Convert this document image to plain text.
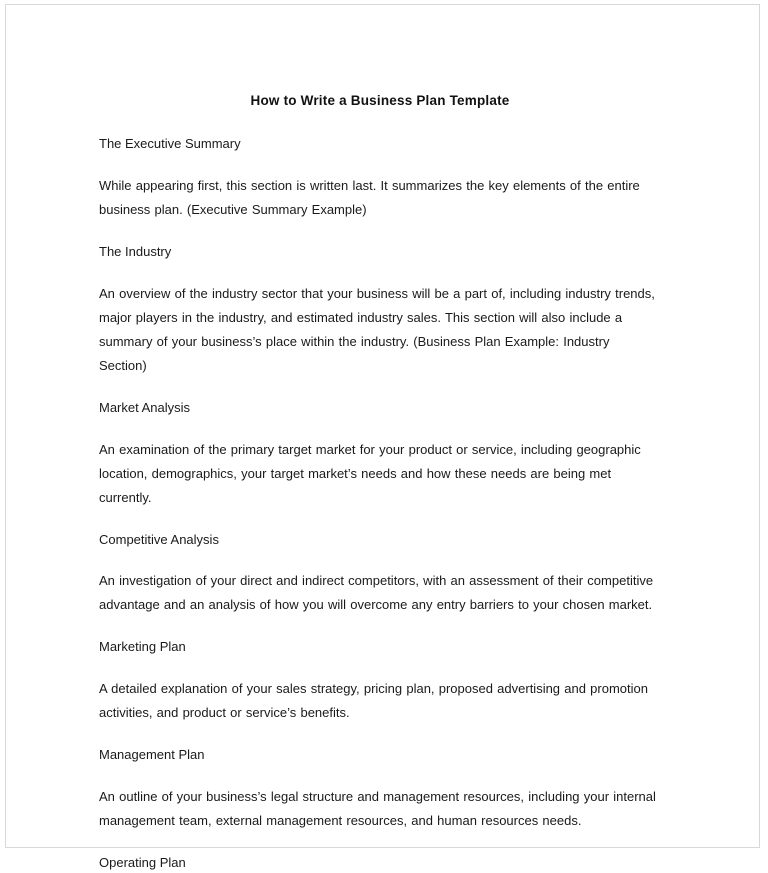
How to Write a Business Plan Template
The Executive Summary

While appearing first, this section is written last. It summarizes the key elements of the entire business plan. (Executive Summary Example)

The Industry

An overview of the industry sector that your business will be a part of, including industry trends, major players in the industry, and estimated industry sales. This section will also include a summary of your business’s place within the industry. (Business Plan Example: Industry Section)

Market Analysis

An examination of the primary target market for your product or service, including geographic location, demographics, your target market’s needs and how these needs are being met currently.

Competitive Analysis

An investigation of your direct and indirect competitors, with an assessment of their competitive advantage and an analysis of how you will overcome any entry barriers to your chosen market.

Marketing Plan

A detailed explanation of your sales strategy, pricing plan, proposed advertising and promotion activities, and product or service’s benefits.

Management Plan

An outline of your business’s legal structure and management resources, including your internal management team, external management resources, and human resources needs.

Operating Plan
